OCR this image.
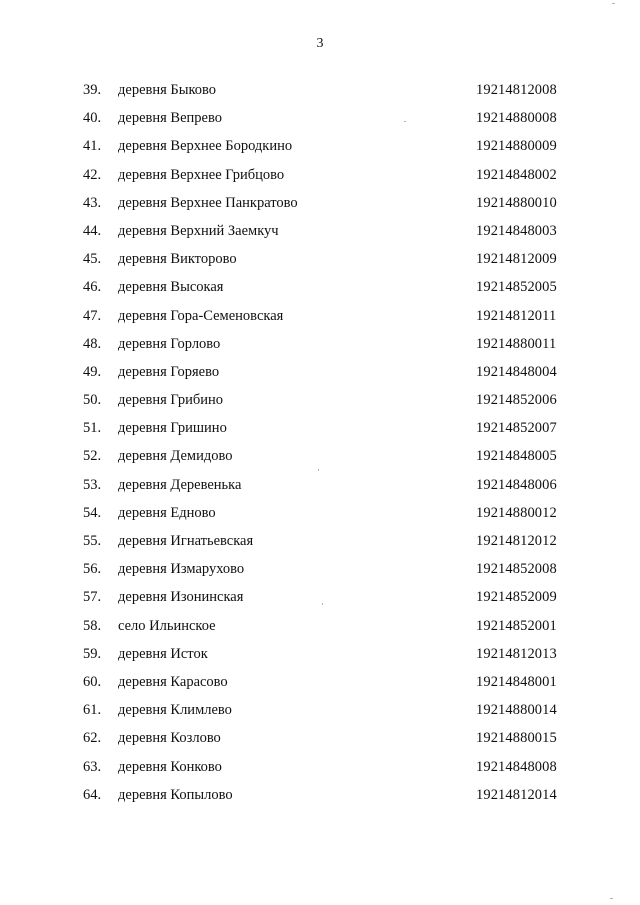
3
39. деревня Быково	19214812008
40. деревня Вепрево	19214880008
41. деревня Верхнее Бородкино	19214880009
42. деревня Верхнее Грибцово	19214848002
43. деревня Верхнее Панкратово	19214880010
44. деревня Верхний Заемкуч	19214848003
45. деревня Викторово	19214812009
46. деревня Высокая	19214852005
47. деревня Гора-Семеновская	19214812011
48. деревня Горлово	19214880011
49. деревня Горяево	19214848004
50. деревня Грибино	19214852006
51. деревня Гришино	19214852007
52. деревня Демидово	19214848005
53. деревня Деревенька	19214848006
54. деревня Едново	19214880012
55. деревня Игнатьевская	19214812012
56. деревня Измарухово	19214852008
57. деревня Изонинская	19214852009
58. село Ильинское	19214852001
59. деревня Исток	19214812013
60. деревня Карасово	19214848001
61. деревня Климлево	19214880014
62. деревня Козлово	19214880015
63. деревня Конково	19214848008
64. деревня Копылово	19214812014
